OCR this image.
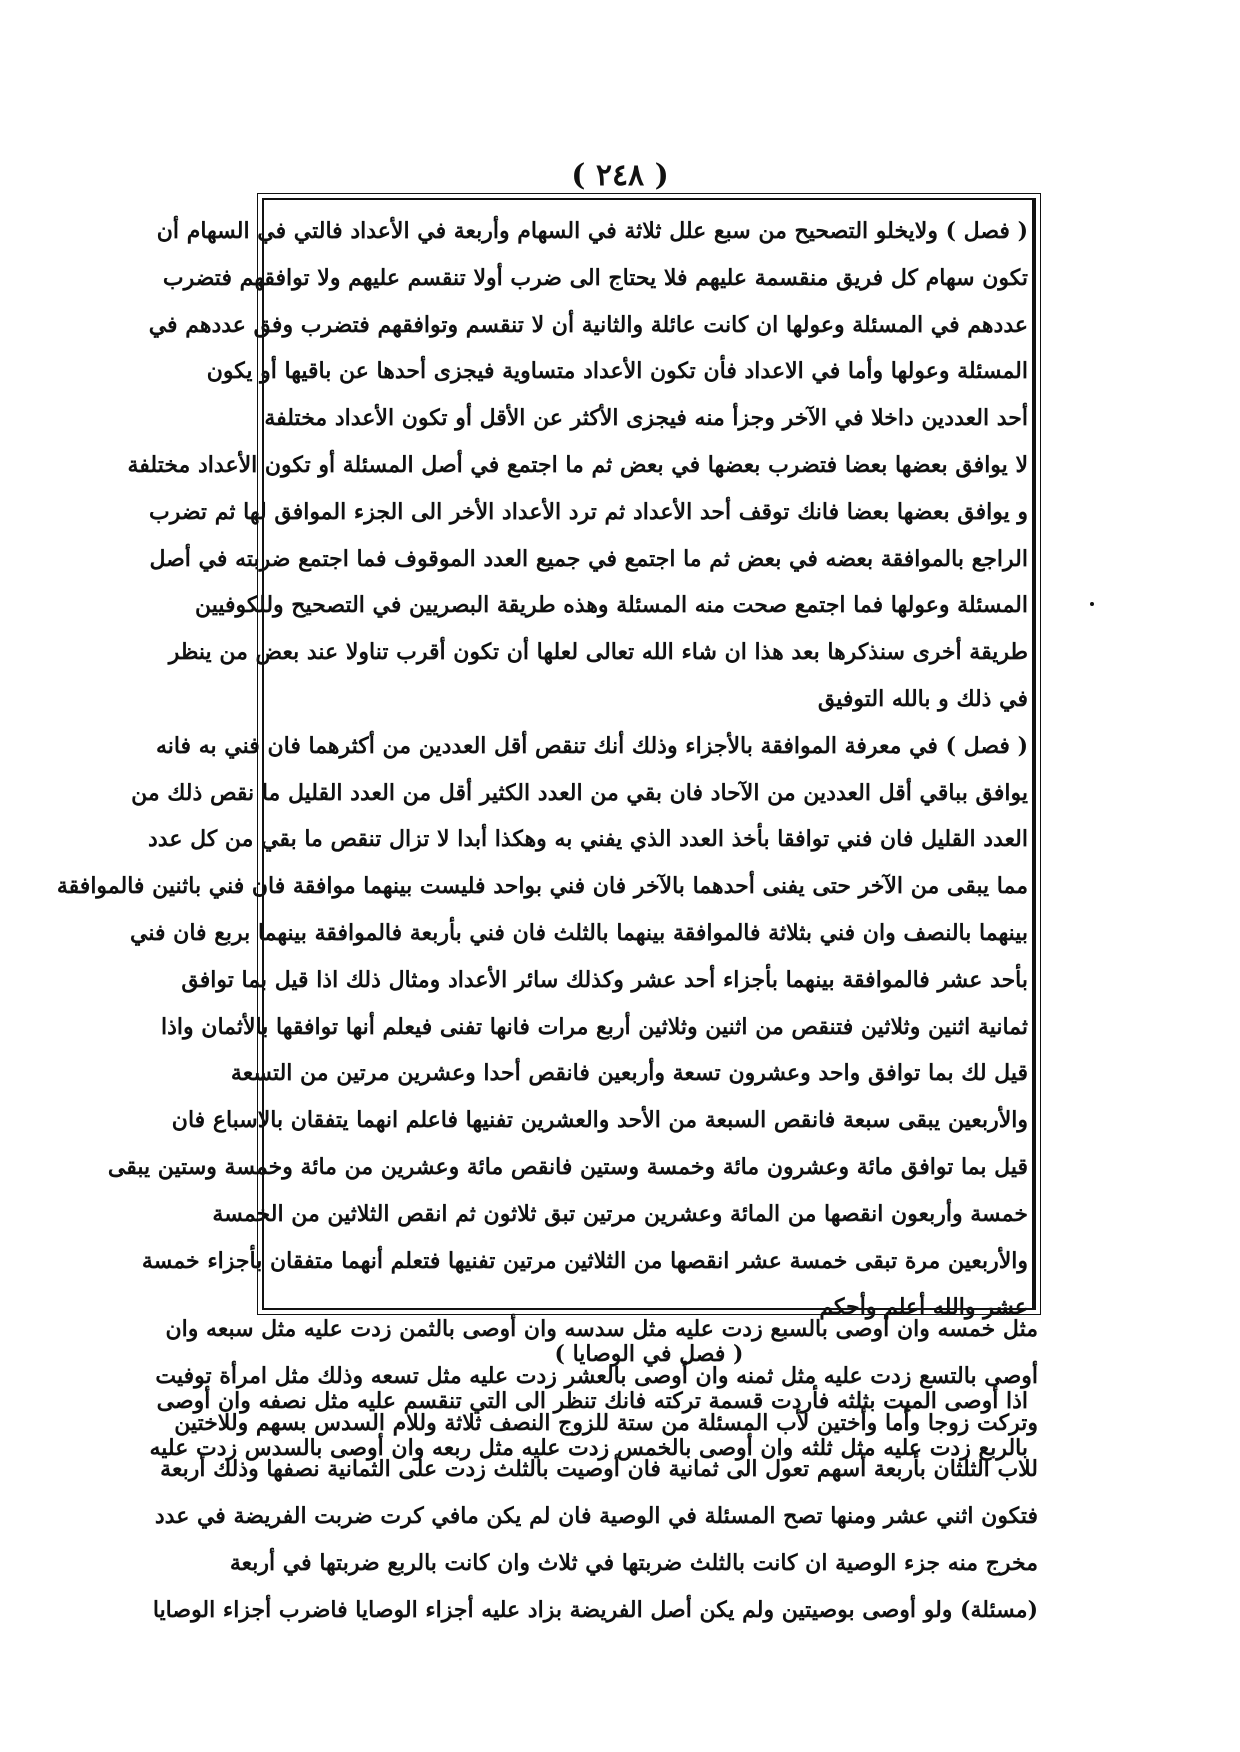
( ٢٤٨ )
( فصل ) ولايخلو التصحيح من سبع علل ثلاثة في السهام وأربعة في الأعداد فالتي في السهام أن
تكون سهام كل فريق منقسمة عليهم فلا يحتاج الى ضرب أولا تنقسم عليهم ولا توافقهم فتضرب
عددهم في المسئلة وعولها ان كانت عائلة والثانية أن لا تنقسم وتوافقهم فتضرب وفق عددهم في
المسئلة وعولها وأما في الاعداد فأن تكون الأعداد متساوية فيجزى أحدها عن باقيها أو يكون
أحد العددين داخلا في الآخر وجزأ منه فيجزى الأكثر عن الأقل أو تكون الأعداد مختلفة
لا يوافق بعضها بعضا فتضرب بعضها في بعض ثم ما اجتمع في أصل المسئلة أو تكون الأعداد مختلفة
و يوافق بعضها بعضا فانك توقف أحد الأعداد ثم ترد الأعداد الأخر الى الجزء الموافق لها ثم تضرب
الراجع بالموافقة بعضه في بعض ثم ما اجتمع في جميع العدد الموقوف فما اجتمع ضربته في أصل
المسئلة وعولها فما اجتمع صحت منه المسئلة وهذه طريقة البصريين في التصحيح وللكوفيين
طريقة أخرى سنذكرها بعد هذا ان شاء الله تعالى لعلها أن تكون أقرب تناولا عند بعض من ينظر
في ذلك و بالله التوفيق
( فصل ) في معرفة الموافقة بالأجزاء وذلك أنك تنقص أقل العددين من أكثرهما فان فني به فانه
يوافق بباقي أقل العددين من الآحاد فان بقي من العدد الكثير أقل من العدد القليل ما نقص ذلك من
العدد القليل فان فني توافقا بأخذ العدد الذي يفني به وهكذا أبدا لا تزال تنقص ما بقي من كل عدد
مما يبقى من الآخر حتى يفنى أحدهما بالآخر فان فني بواحد فليست بينهما موافقة فان فني باثنين فالموافقة
بينهما بالنصف وان فني بثلاثة فالموافقة بينهما بالثلث فان فني بأربعة فالموافقة بينهما بربع فان فني
بأحد عشر فالموافقة بينهما بأجزاء أحد عشر وكذلك سائر الأعداد ومثال ذلك اذا قيل بما توافق
ثمانية اثنين وثلاثين فتنقص من اثنين وثلاثين أربع مرات فانها تفنى فيعلم أنها توافقها بالأثمان واذا
قيل لك بما توافق واحد وعشرون تسعة وأربعين فانقص أحدا وعشرين مرتين من التسعة
والأربعين يبقى سبعة فانقص السبعة من الأحد والعشرين تفنيها فاعلم انهما يتفقان بالاسباع فان
قيل بما توافق مائة وعشرون مائة وخمسة وستين فانقص مائة وعشرين من مائة وخمسة وستين يبقى
خمسة وأربعون انقصها من المائة وعشرين مرتين تبق ثلاثون ثم انقص الثلاثين من الخمسة
والأربعين مرة تبقى خمسة عشر انقصها من الثلاثين مرتين تفنيها فتعلم أنهما متفقان بأجزاء خمسة
عشر والله أعلم وأحكم
( فصل في الوصايا )
اذا أوصى الميت بثلثه فأردت قسمة تركته فانك تنظر الى التي تنقسم عليه مثل نصفه وان أوصى
بالربع زدت عليه مثل ثلثه وان أوصى بالخمس زدت عليه مثل ربعه وان أوصى بالسدس زدت عليه
مثل خمسه وان أوصى بالسبع زدت عليه مثل سدسه وان أوصى بالثمن زدت عليه مثل سبعه وان
أوصى بالتسع زدت عليه مثل ثمنه وان أوصى بالعشر زدت عليه مثل تسعه وذلك مثل امرأة توفيت
وتركت زوجا وأما وأختين لأب المسئلة من ستة للزوج النصف ثلاثة وللام السدس بسهم وللاختين
للاب الثلثان بأربعة أسهم تعول الى ثمانية فان أوصيت بالثلث زدت على الثمانية نصفها وذلك أربعة
فتكون اثني عشر ومنها تصح المسئلة في الوصية فان لم يكن مافي كرت ضربت الفريضة في عدد
مخرج منه جزء الوصية ان كانت بالثلث ضربتها في ثلاث وان كانت بالربع ضربتها في أربعة
(مسئلة) ولو أوصى بوصيتين ولم يكن أصل الفريضة بزاد عليه أجزاء الوصايا فاضرب أجزاء الوصايا
